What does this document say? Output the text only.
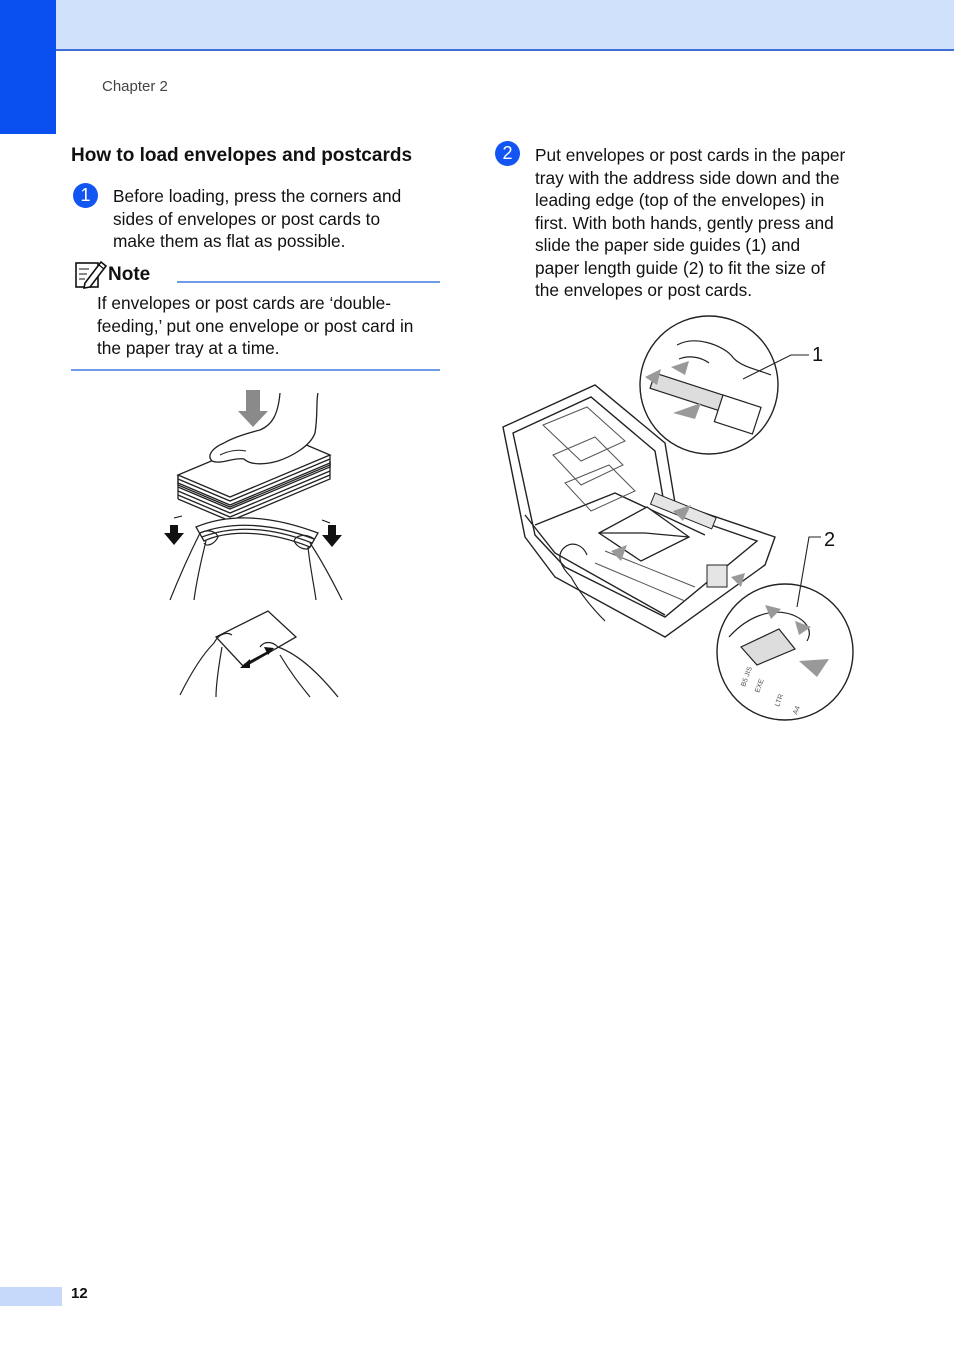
Chapter 2
How to load envelopes and postcards
1	Before loading, press the corners and
sides of envelopes or post cards to
make them as flat as possible.
Note
If envelopes or post cards are ‘double-
feeding,’ put one envelope or post card in
the paper tray at a time.
2	Put envelopes or post cards in the paper
tray with the address side down and the
leading edge (top of the envelopes) in
first. With both hands, gently press and
slide the paper side guides (1) and
paper length guide (2) to fit the size of
the envelopes or post cards.
B5 JIS EXE
LTR
A4
1
2
12
